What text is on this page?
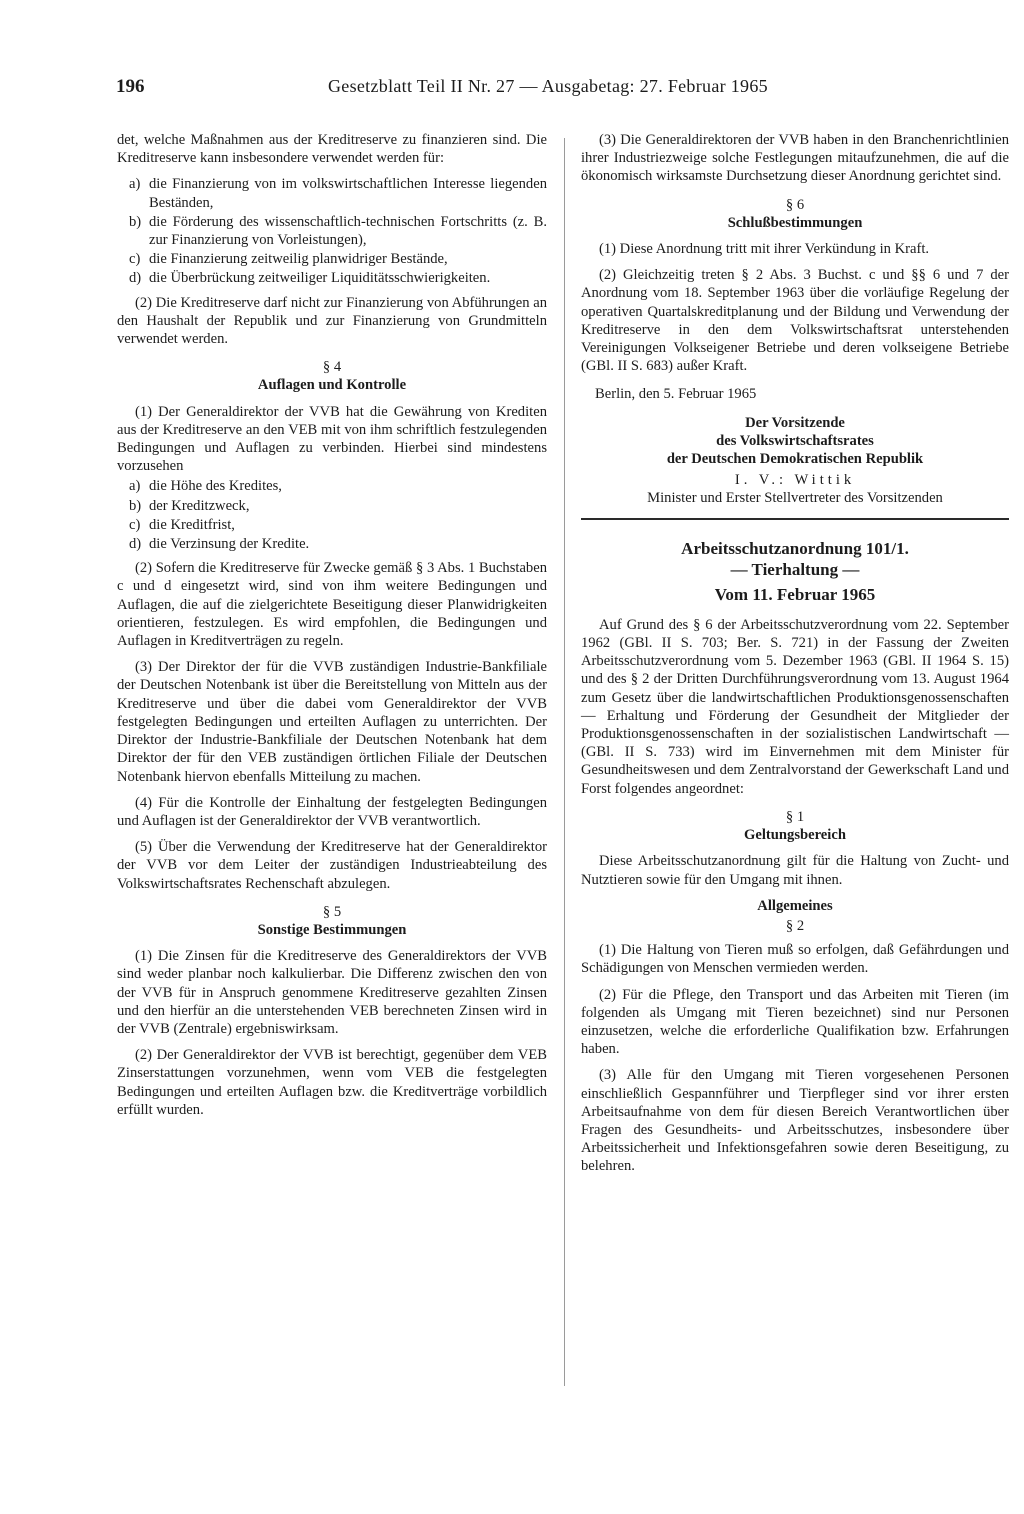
196	Gesetzblatt Teil II Nr. 27 — Ausgabetag: 27. Februar 1965

det, welche Maßnahmen aus der Kreditreserve zu finanzieren sind. Die Kreditreserve kann insbesondere verwendet werden für:

a) die Finanzierung von im volkswirtschaftlichen Interesse liegenden Beständen,
b) die Förderung des wissenschaftlich-technischen Fortschritts (z. B. zur Finanzierung von Vorleistungen),
c) die Finanzierung zeitweilig planwidriger Bestände,
d) die Überbrückung zeitweiliger Liquiditätsschwierigkeiten.

(2) Die Kreditreserve darf nicht zur Finanzierung von Abführungen an den Haushalt der Republik und zur Finanzierung von Grundmitteln verwendet werden.

§ 4
Auflagen und Kontrolle

(1) Der Generaldirektor der VVB hat die Gewährung von Krediten aus der Kreditreserve an den VEB mit von ihm schriftlich festzulegenden Bedingungen und Auflagen zu verbinden. Hierbei sind mindestens vorzusehen

a) die Höhe des Kredites,
b) der Kreditzweck,
c) die Kreditfrist,
d) die Verzinsung der Kredite.

(2) Sofern die Kreditreserve für Zwecke gemäß § 3 Abs. 1 Buchstaben c und d eingesetzt wird, sind von ihm weitere Bedingungen und Auflagen, die auf die zielgerichtete Beseitigung dieser Planwidrigkeiten orientieren, festzulegen. Es wird empfohlen, die Bedingungen und Auflagen in Kreditverträgen zu regeln.

(3) Der Direktor der für die VVB zuständigen Industrie-Bankfiliale der Deutschen Notenbank ist über die Bereitstellung von Mitteln aus der Kreditreserve und über die dabei vom Generaldirektor der VVB festgelegten Bedingungen und erteilten Auflagen zu unterrichten. Der Direktor der Industrie-Bankfiliale der Deutschen Notenbank hat dem Direktor der für den VEB zuständigen örtlichen Filiale der Deutschen Notenbank hiervon ebenfalls Mitteilung zu machen.

(4) Für die Kontrolle der Einhaltung der festgelegten Bedingungen und Auflagen ist der Generaldirektor der VVB verantwortlich.

(5) Über die Verwendung der Kreditreserve hat der Generaldirektor der VVB vor dem Leiter der zuständigen Industrieabteilung des Volkswirtschaftsrates Rechenschaft abzulegen.

§ 5
Sonstige Bestimmungen

(1) Die Zinsen für die Kreditreserve des Generaldirektors der VVB sind weder planbar noch kalkulierbar. Die Differenz zwischen den von der VVB für in Anspruch genommene Kreditreserve gezahlten Zinsen und den hierfür an die unterstehenden VEB berechneten Zinsen wird in der VVB (Zentrale) ergebniswirksam.

(2) Der Generaldirektor der VVB ist berechtigt, gegenüber dem VEB Zinserstattungen vorzunehmen, wenn vom VEB die festgelegten Bedingungen und erteilten Auflagen bzw. die Kreditverträge vorbildlich erfüllt wurden.

(3) Die Generaldirektoren der VVB haben in den Branchenrichtlinien ihrer Industriezweige solche Festlegungen mitaufzunehmen, die auf die ökonomisch wirksamste Durchsetzung dieser Anordnung gerichtet sind.

§ 6
Schlußbestimmungen

(1) Diese Anordnung tritt mit ihrer Verkündung in Kraft.

(2) Gleichzeitig treten § 2 Abs. 3 Buchst. c und §§ 6 und 7 der Anordnung vom 18. September 1963 über die vorläufige Regelung der operativen Quartalskreditplanung und der Bildung und Verwendung der Kreditreserve in den dem Volkswirtschaftsrat unterstehenden Vereinigungen Volkseigener Betriebe und deren volkseigene Betriebe (GBl. II S. 683) außer Kraft.

Berlin, den 5. Februar 1965
Der Vorsitzende
des Volkswirtschaftsrates
der Deutschen Demokratischen Republik
I. V.: Wittik
Minister und Erster Stellvertreter des Vorsitzenden
Arbeitsschutzanordnung 101/1.
— Tierhaltung —
Vom 11. Februar 1965

Auf Grund des § 6 der Arbeitsschutzverordnung vom 22. September 1962 (GBl. II S. 703; Ber. S. 721) in der Fassung der Zweiten Arbeitsschutzverordnung vom 5. Dezember 1963 (GBl. II 1964 S. 15) und des § 2 der Dritten Durchführungsverordnung vom 13. August 1964 zum Gesetz über die landwirtschaftlichen Produktionsgenossenschaften — Erhaltung und Förderung der Gesundheit der Mitglieder der Produktionsgenossenschaften in der sozialistischen Landwirtschaft — (GBl. II S. 733) wird im Einvernehmen mit dem Minister für Gesundheitswesen und dem Zentralvorstand der Gewerkschaft Land und Forst folgendes angeordnet:

§ 1
Geltungsbereich

Diese Arbeitsschutzanordnung gilt für die Haltung von Zucht- und Nutztieren sowie für den Umgang mit ihnen.

Allgemeines
§ 2

(1) Die Haltung von Tieren muß so erfolgen, daß Gefährdungen und Schädigungen von Menschen vermieden werden.

(2) Für die Pflege, den Transport und das Arbeiten mit Tieren (im folgenden als Umgang mit Tieren bezeichnet) sind nur Personen einzusetzen, welche die erforderliche Qualifikation bzw. Erfahrungen haben.

(3) Alle für den Umgang mit Tieren vorgesehenen Personen einschließlich Gespannführer und Tierpfleger sind vor ihrer ersten Arbeitsaufnahme von dem für diesen Bereich Verantwortlichen über Fragen des Gesundheits- und Arbeitsschutzes, insbesondere über Arbeitssicherheit und Infektionsgefahren sowie deren Beseitigung, zu belehren.
